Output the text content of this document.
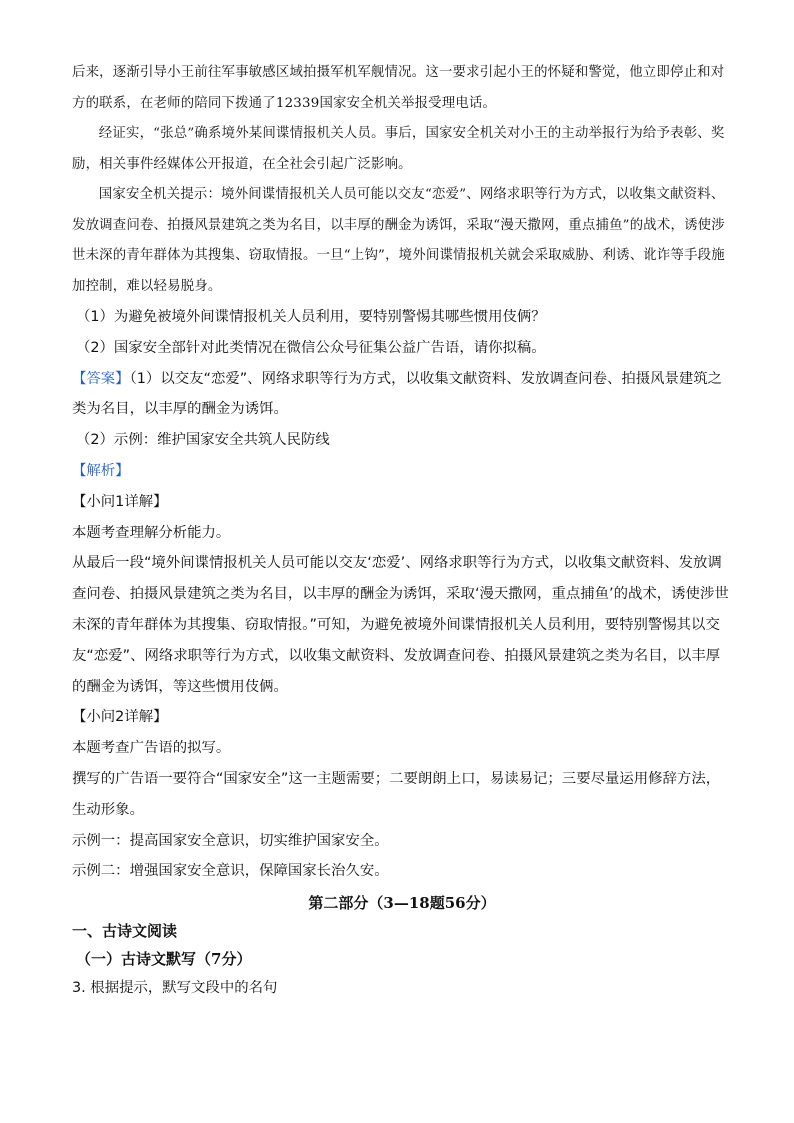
后来，逐渐引导小王前往军事敏感区域拍摄军机军舰情况。这一要求引起小王的怀疑和警觉，他立即停止和对方的联系，在老师的陪同下拨通了12339国家安全机关举报受理电话。

经证实，“张总”确系境外某间谍情报机关人员。事后，国家安全机关对小王的主动举报行为给予表彰、奖励，相关事件经媒体公开报道，在全社会引起广泛影响。

国家安全机关提示：境外间谍情报机关人员可能以交友“恋爱”、网络求职等行为方式，以收集文献资料、发放调查问卷、拍摄风景建筑之类为名目，以丰厚的酬金为诱饵，采取“漫天撒网，重点捕鱼”的战术，诱使涉世未深的青年群体为其搜集、窃取情报。一旦“上钩”，境外间谍情报机关就会采取威胁、利诱、讹诈等手段施加控制，难以轻易脱身。

（1）为避免被境外间谍情报机关人员利用，要特别警惕其哪些惯用伎俩？

（2）国家安全部针对此类情况在微信公众号征集公益广告语，请你拟稿。

【答案】（1）以交友“恋爱”、网络求职等行为方式，以收集文献资料、发放调查问卷、拍摄风景建筑之类为名目，以丰厚的酬金为诱饵。

（2）示例：维护国家安全共筑人民防线

【解析】

【小问1详解】

本题考查理解分析能力。

从最后一段“境外间谍情报机关人员可能以交友‘恋爱’、网络求职等行为方式，以收集文献资料、发放调查问卷、拍摄风景建筑之类为名目，以丰厚的酬金为诱饵，采取‘漫天撒网，重点捕鱼’的战术，诱使涉世未深的青年群体为其搜集、窃取情报。”可知，为避免被境外间谍情报机关人员利用，要特别警惕其以交友“恋爱”、网络求职等行为方式，以收集文献资料、发放调查问卷、拍摄风景建筑之类为名目，以丰厚的酬金为诱饵，等这些惯用伎俩。

【小问2详解】

本题考查广告语的拟写。

撰写的广告语一要符合“国家安全”这一主题需要；二要朗朗上口，易读易记；三要尽量运用修辞方法，生动形象。

示例一：提高国家安全意识，切实维护国家安全。

示例二：增强国家安全意识，保障国家长治久安。

第二部分（3—18题56分）

一、古诗文阅读

（一）古诗文默写（7分）

3. 根据提示，默写文段中的名句
